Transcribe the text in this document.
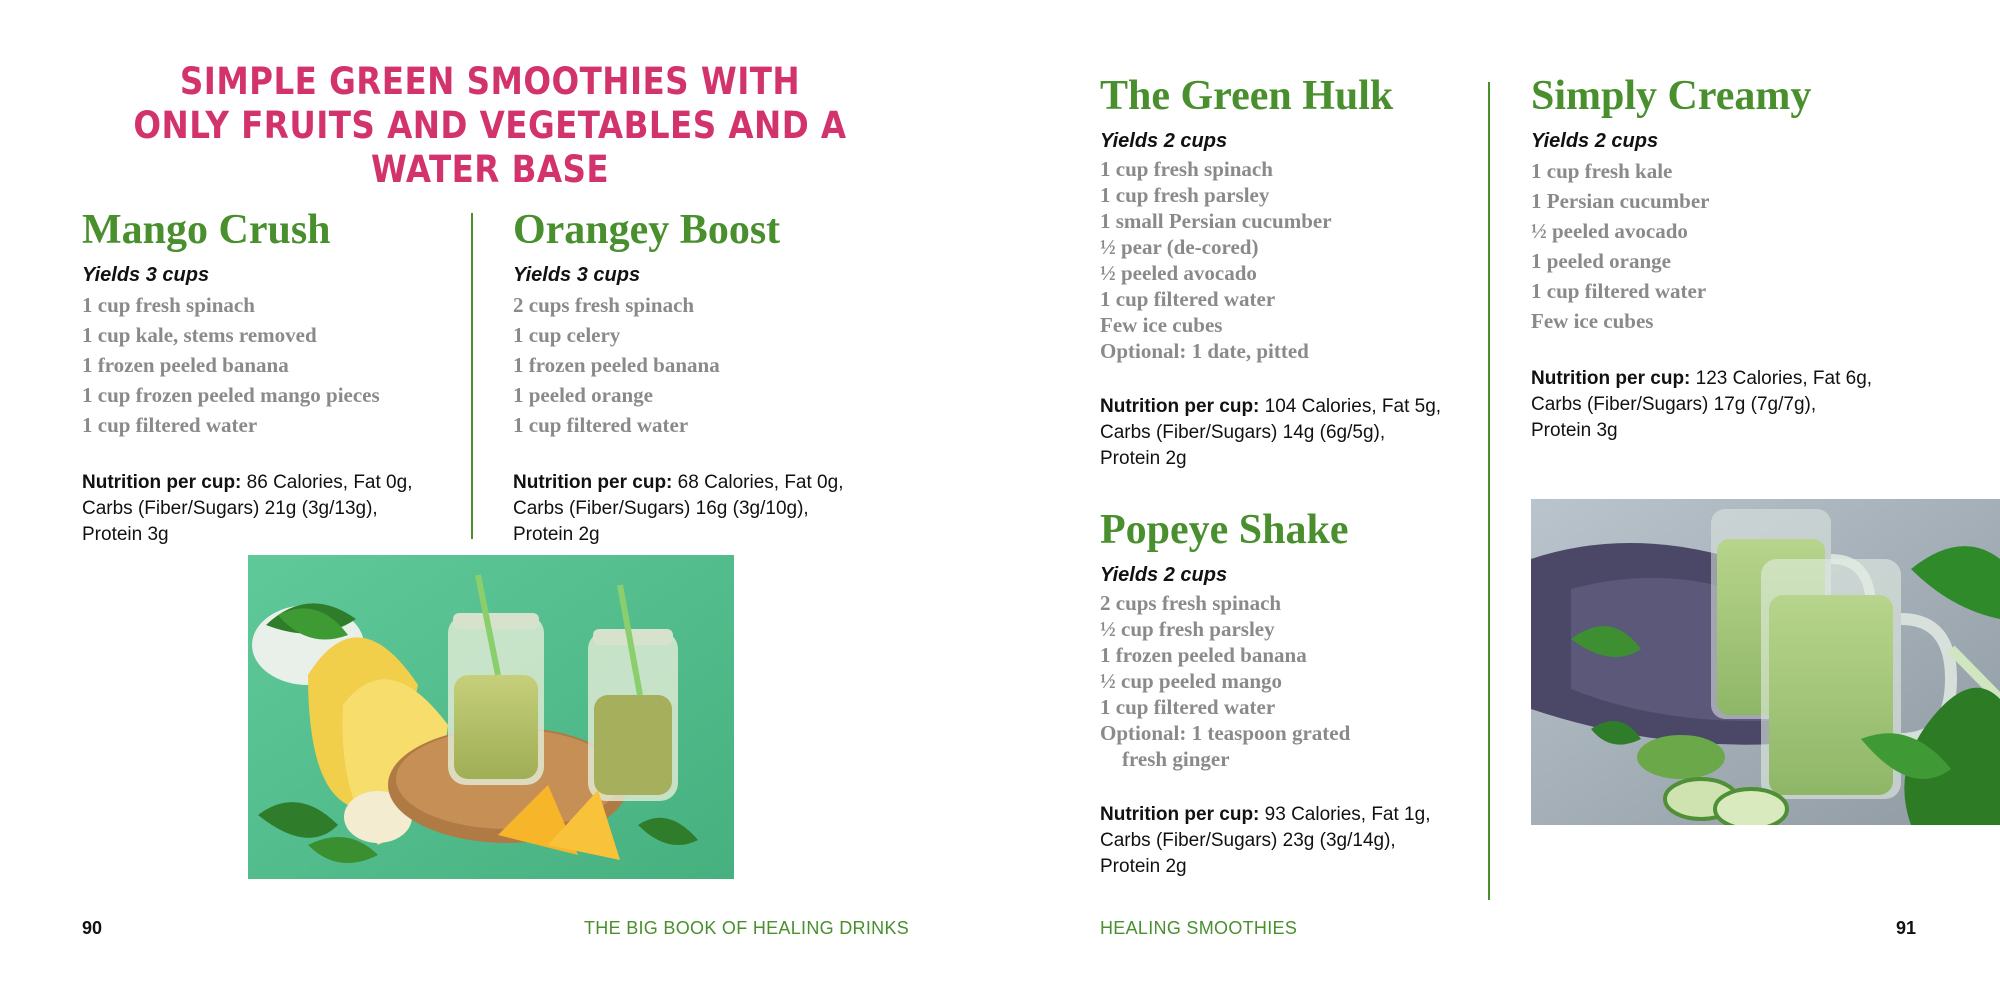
SIMPLE GREEN SMOOTHIES WITH
ONLY FRUITS AND VEGETABLES AND A WATER BASE
Mango Crush
Yields 3 cups
1 cup fresh spinach
1 cup kale, stems removed
1 frozen peeled banana
1 cup frozen peeled mango pieces
1 cup filtered water
Nutrition per cup: 86 Calories, Fat 0g,
Carbs (Fiber/Sugars) 21g (3g/13g),
Protein 3g
Orangey Boost
Yields 3 cups
2 cups fresh spinach
1 cup celery
1 frozen peeled banana
1 peeled orange
1 cup filtered water
Nutrition per cup: 68 Calories, Fat 0g,
Carbs (Fiber/Sugars) 16g (3g/10g),
Protein 2g
90	THE BIG BOOK OF HEALING DRINKS
The Green Hulk
Yields 2 cups
1 cup fresh spinach
1 cup fresh parsley
1 small Persian cucumber
½ pear (de-cored)
½ peeled avocado
1 cup filtered water
Few ice cubes
Optional: 1 date, pitted
Nutrition per cup: 104 Calories, Fat 5g,
Carbs (Fiber/Sugars) 14g (6g/5g),
Protein 2g
Popeye Shake
Yields 2 cups
2 cups fresh spinach
½ cup fresh parsley
1 frozen peeled banana
½ cup peeled mango
1 cup filtered water
Optional: 1 teaspoon grated
fresh ginger
Nutrition per cup: 93 Calories, Fat 1g,
Carbs (Fiber/Sugars) 23g (3g/14g),
Protein 2g
Simply Creamy
Yields 2 cups
1 cup fresh kale
1 Persian cucumber
½ peeled avocado
1 peeled orange
1 cup filtered water
Few ice cubes
Nutrition per cup: 123 Calories, Fat 6g,
Carbs (Fiber/Sugars) 17g (7g/7g),
Protein 3g
HEALING SMOOTHIES	91
